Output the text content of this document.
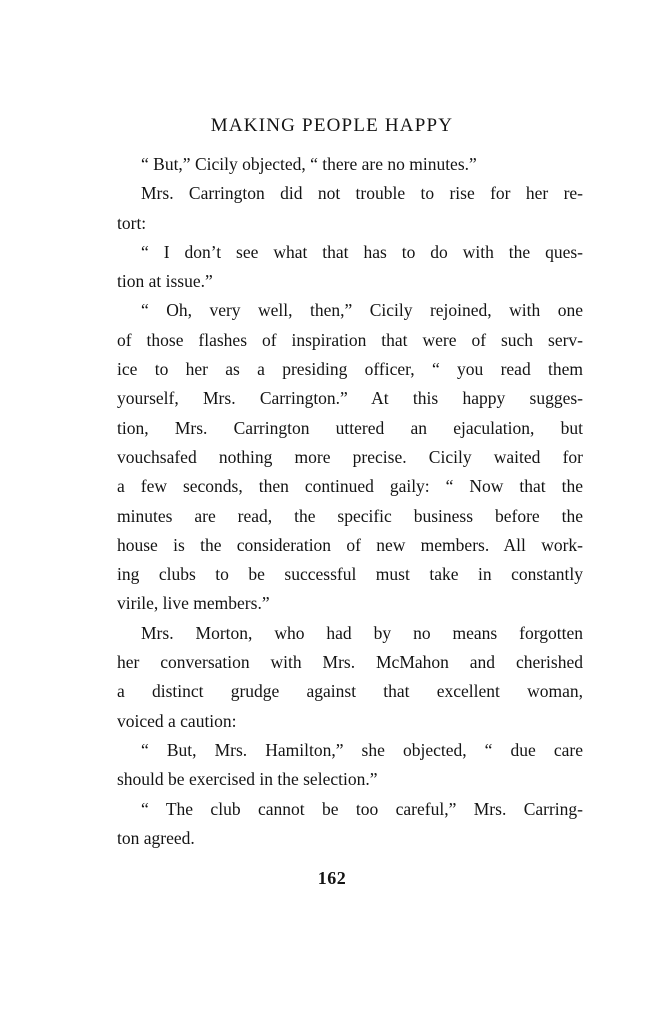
MAKING PEOPLE HAPPY
“ But,” Cicily objected, “ there are no minutes.”
Mrs. Carrington did not trouble to rise for her re-
tort:
“ I don’t see what that has to do with the ques-
tion at issue.”
“ Oh, very well, then,” Cicily rejoined, with one
of those flashes of inspiration that were of such serv-
ice to her as a presiding officer, “ you read them
yourself, Mrs. Carrington.” At this happy sugges-
tion, Mrs. Carrington uttered an ejaculation, but
vouchsafed nothing more precise. Cicily waited for
a few seconds, then continued gaily: “ Now that the
minutes are read, the specific business before the
house is the consideration of new members. All work-
ing clubs to be successful must take in constantly
virile, live members.”
Mrs. Morton, who had by no means forgotten
her conversation with Mrs. McMahon and cherished
a distinct grudge against that excellent woman,
voiced a caution:
“ But, Mrs. Hamilton,” she objected, “ due care
should be exercised in the selection.”
“ The club cannot be too careful,” Mrs. Carring-
ton agreed.
162
